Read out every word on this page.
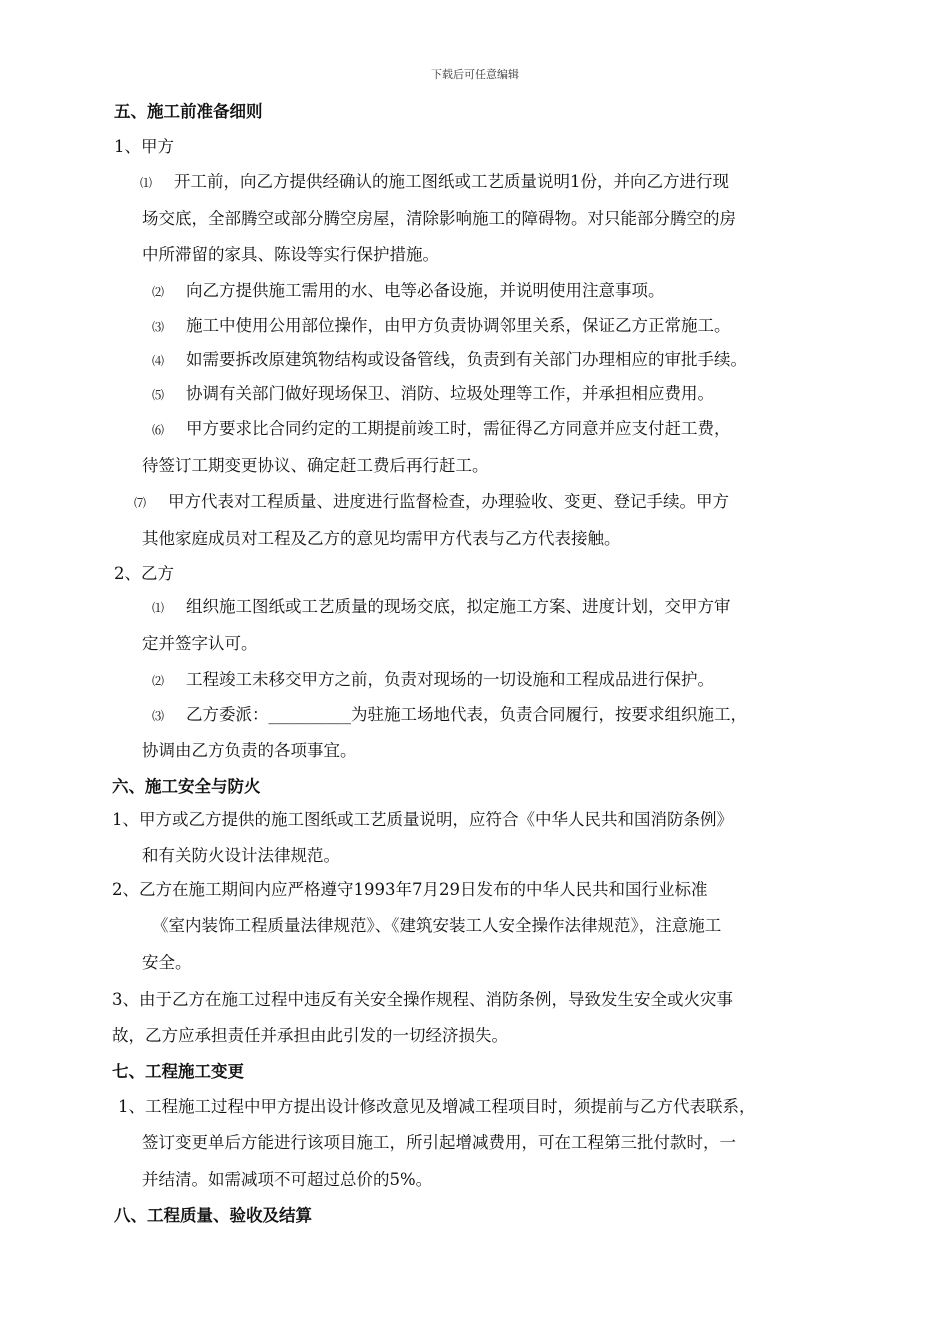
下载后可任意编辑
五、施工前准备细则
1、甲方
⑴ 开工前，向乙方提供经确认的施工图纸或工艺质量说明1份，并向乙方进行现
场交底，全部腾空或部分腾空房屋，清除影响施工的障碍物。对只能部分腾空的房
中所滞留的家具、陈设等实行保护措施。
⑵ 向乙方提供施工需用的水、电等必备设施，并说明使用注意事项。
⑶ 施工中使用公用部位操作，由甲方负责协调邻里关系，保证乙方正常施工。
⑷ 如需要拆改原建筑物结构或设备管线，负责到有关部门办理相应的审批手续。
⑸ 协调有关部门做好现场保卫、消防、垃圾处理等工作，并承担相应费用。
⑹ 甲方要求比合同约定的工期提前竣工时，需征得乙方同意并应支付赶工费，
待签订工期变更协议、确定赶工费后再行赶工。
⑺ 甲方代表对工程质量、进度进行监督检查，办理验收、变更、登记手续。甲方
其他家庭成员对工程及乙方的意见均需甲方代表与乙方代表接触。
2、乙方
⑴ 组织施工图纸或工艺质量的现场交底，拟定施工方案、进度计划，交甲方审
定并签字认可。
⑵ 工程竣工未移交甲方之前，负责对现场的一切设施和工程成品进行保护。
⑶ 乙方委派：__________为驻施工场地代表，负责合同履行，按要求组织施工，
协调由乙方负责的各项事宜。
六、施工安全与防火
1、甲方或乙方提供的施工图纸或工艺质量说明，应符合《中华人民共和国消防条例》
和有关防火设计法律规范。
2、乙方在施工期间内应严格遵守1993年7月29日发布的中华人民共和国行业标准
《室内装饰工程质量法律规范》、《建筑安装工人安全操作法律规范》，注意施工
安全。
3、由于乙方在施工过程中违反有关安全操作规程、消防条例，导致发生安全或火灾事
故，乙方应承担责任并承担由此引发的一切经济损失。
七、工程施工变更
1、工程施工过程中甲方提出设计修改意见及增减工程项目时，须提前与乙方代表联系，
签订变更单后方能进行该项目施工，所引起增减费用，可在工程第三批付款时，一
并结清。如需减项不可超过总价的5%。
八、工程质量、验收及结算
